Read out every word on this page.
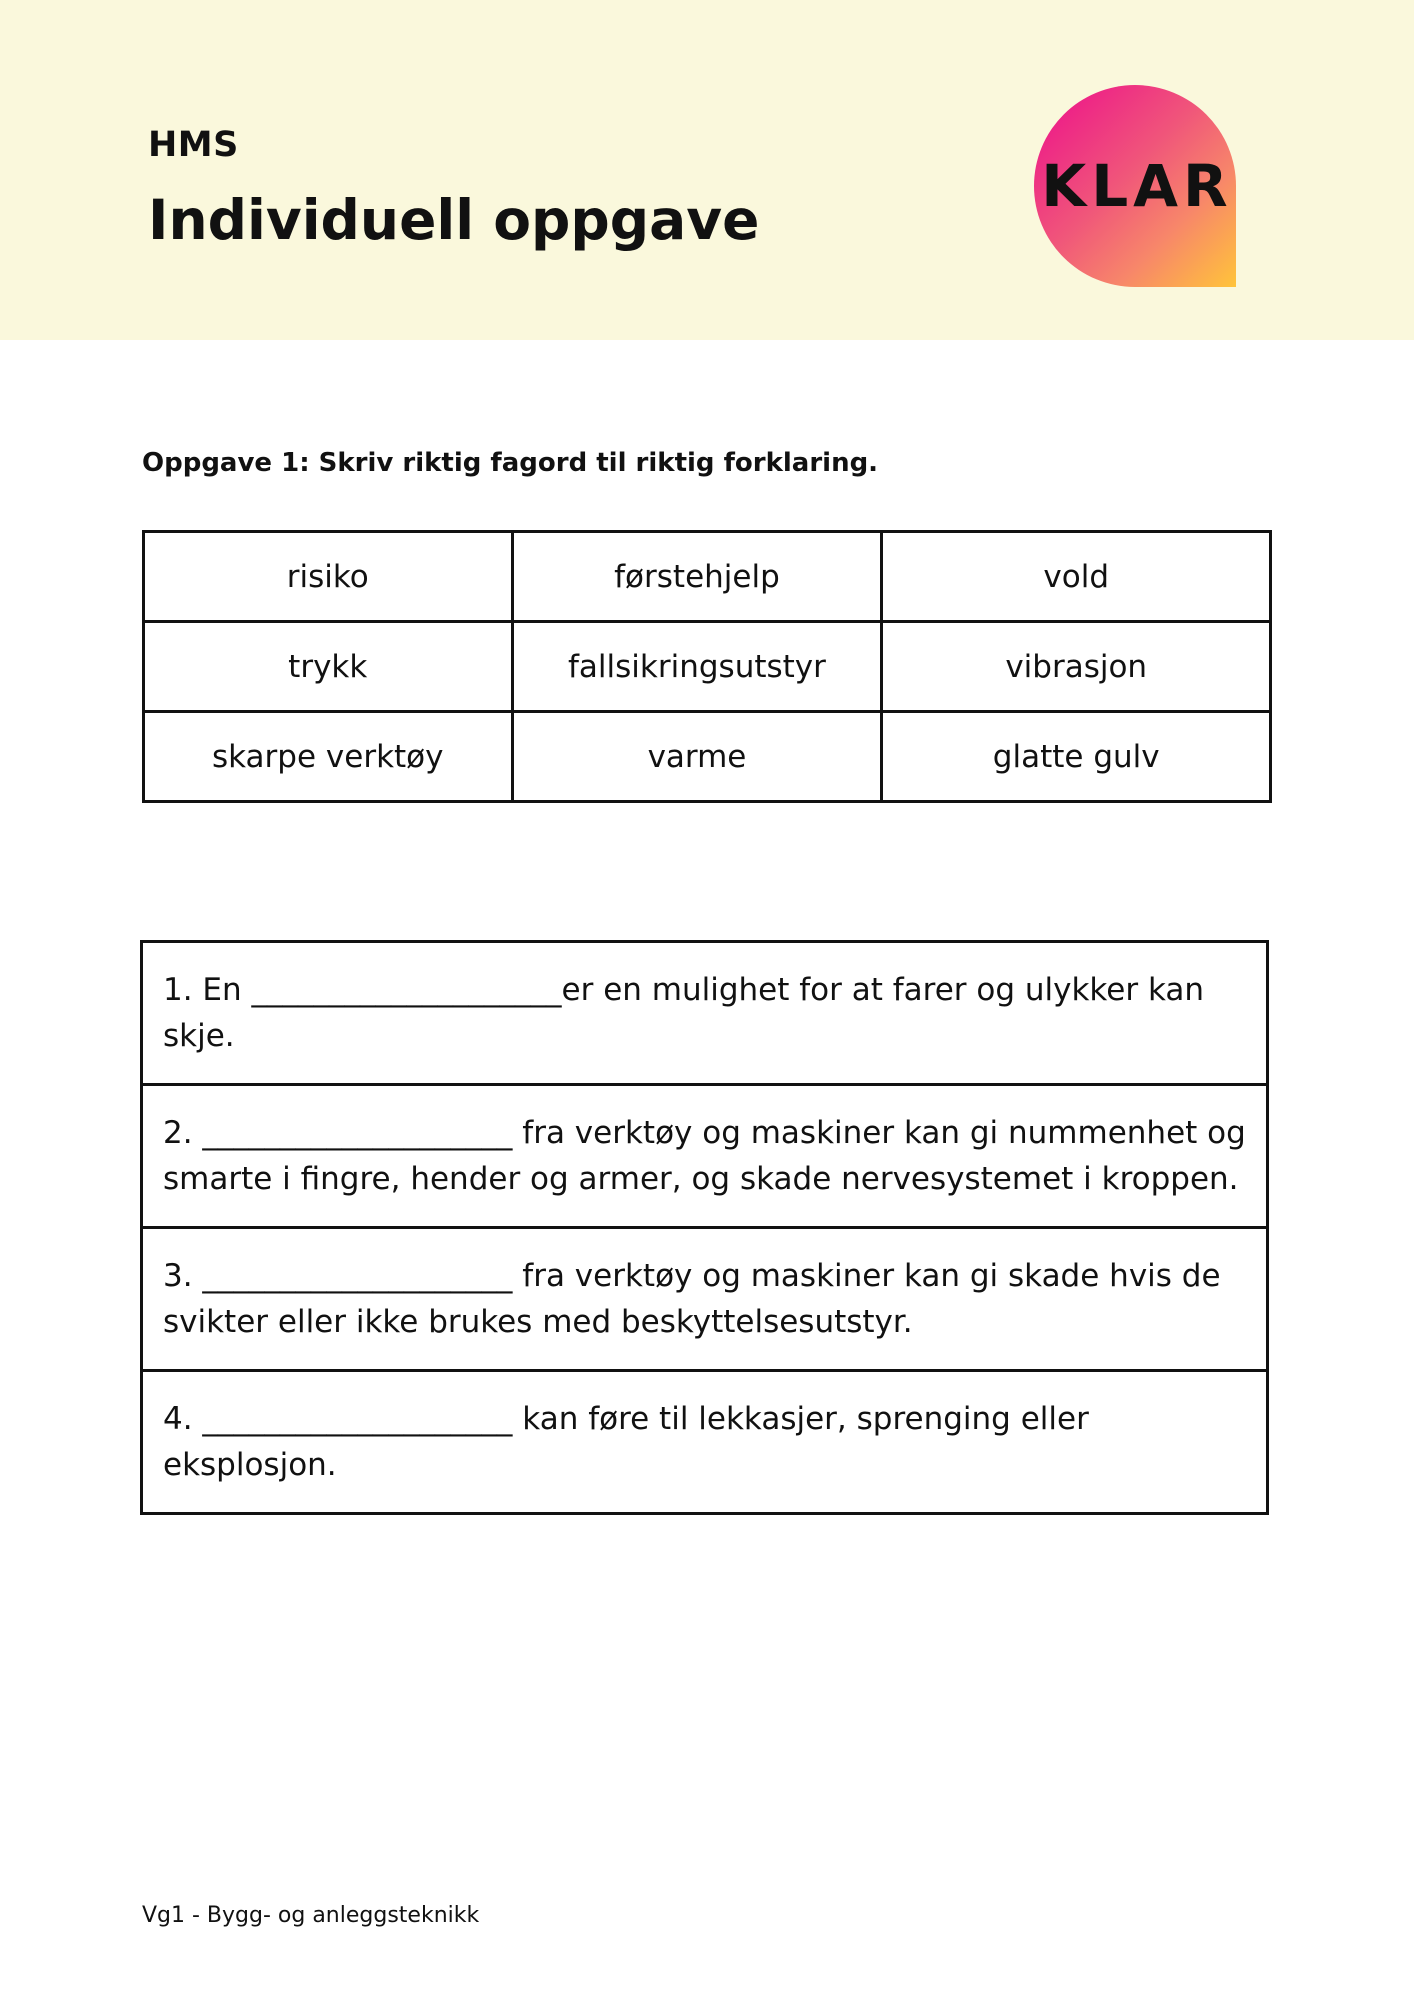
HMS
Individuell oppgave	KLAR
Oppgave 1: Skriv riktig fagord til riktig forklaring.
risiko	førstehjelp	vold
trykk	fallsikringsutstyr	vibrasjon
skarpe verktøy	varme	glatte gulv
1. En ____________________er en mulighet for at farer og ulykker kan skje.
2. ____________________ fra verktøy og maskiner kan gi nummenhet og smarte i fingre, hender og armer, og skade nervesystemet i kroppen.
3. ____________________ fra verktøy og maskiner kan gi skade hvis de svikter eller ikke brukes med beskyttelsesutstyr.
4. ____________________ kan føre til lekkasjer, sprenging eller eksplosjon.
Vg1 - Bygg- og anleggsteknikk
